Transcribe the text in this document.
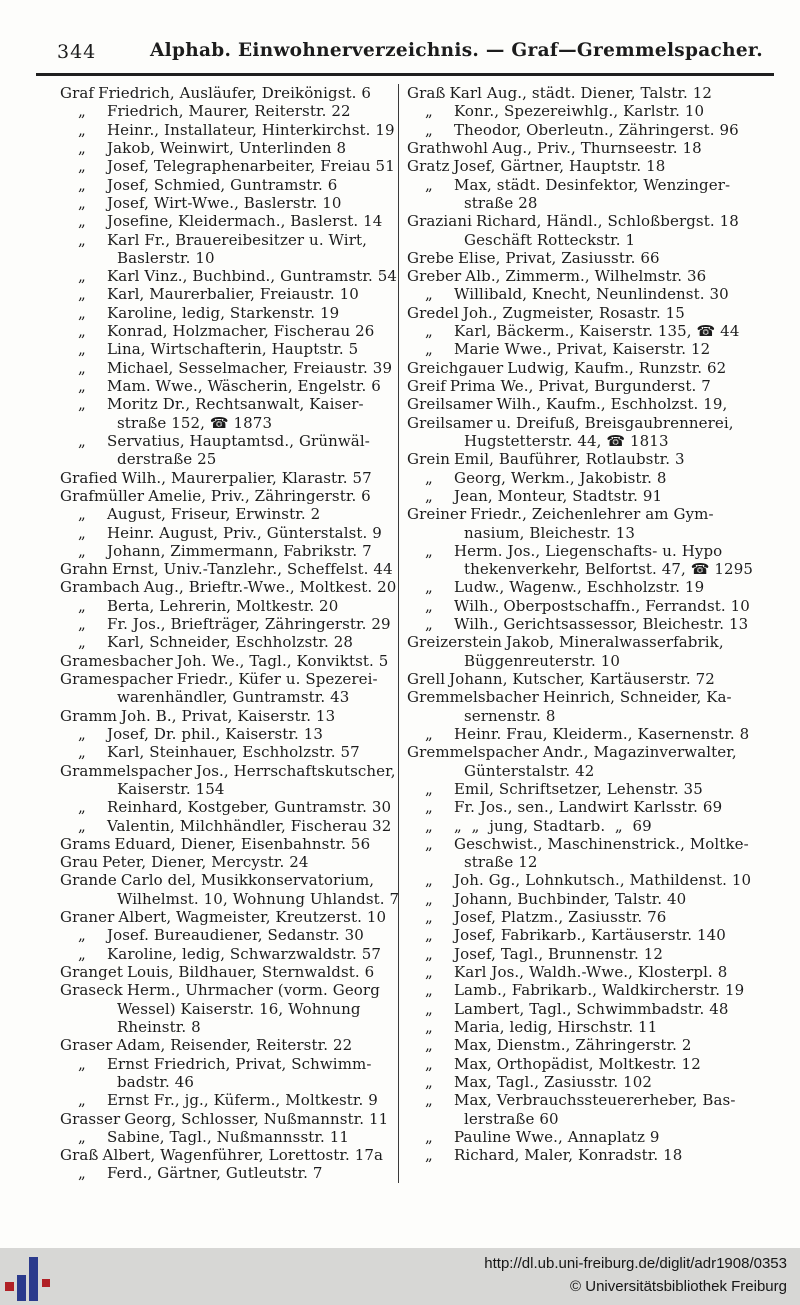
344	Alphab. Einwohnerverzeichnis. — Graf—Gremmelspacher.
Graf Friedrich, Ausläufer, Dreikönigst. 6
„ Friedrich, Maurer, Reiterstr. 22
„ Heinr., Installateur, Hinterkirchst. 19
„ Jakob, Weinwirt, Unterlinden 8
„ Josef, Telegraphenarbeiter, Freiau 51
„ Josef, Schmied, Guntramstr. 6
„ Josef, Wirt-Wwe., Baslerstr. 10
„ Josefine, Kleidermach., Baslerst. 14
„ Karl Fr., Brauereibesitzer u. Wirt,
Baslerstr. 10
„ Karl Vinz., Buchbind., Guntramstr. 54
„ Karl, Maurerbalier, Freiaustr. 10
„ Karoline, ledig, Starkenstr. 19
„ Konrad, Holzmacher, Fischerau 26
„ Lina, Wirtschafterin, Hauptstr. 5
„ Michael, Sesselmacher, Freiaustr. 39
„ Mam. Wwe., Wäscherin, Engelstr. 6
„ Moritz Dr., Rechtsanwalt, Kaiser-
straße 152, ☎ 1873
„ Servatius, Hauptamtsd., Grünwäl-
derstraße 25
Grafied Wilh., Maurerpalier, Klarastr. 57
Grafmüller Amelie, Priv., Zähringerstr. 6
„ August, Friseur, Erwinstr. 2
„ Heinr. August, Priv., Günterstalst. 9
„ Johann, Zimmermann, Fabrikstr. 7
Grahn Ernst, Univ.-Tanzlehr., Scheffelst. 44
Grambach Aug., Brieftr.-Wwe., Moltkest. 20
„ Berta, Lehrerin, Moltkestr. 20
„ Fr. Jos., Briefträger, Zähringerstr. 29
„ Karl, Schneider, Eschholzstr. 28
Gramesbacher Joh. We., Tagl., Konviktst. 5
Gramespacher Friedr., Küfer u. Spezerei-
warenhändler, Guntramstr. 43
Gramm Joh. B., Privat, Kaiserstr. 13
„ Josef, Dr. phil., Kaiserstr. 13
„ Karl, Steinhauer, Eschholzstr. 57
Grammelspacher Jos., Herrschaftskutscher,
Kaiserstr. 154
„ Reinhard, Kostgeber, Guntramstr. 30
„ Valentin, Milchhändler, Fischerau 32
Grams Eduard, Diener, Eisenbahnstr. 56
Grau Peter, Diener, Mercystr. 24
Grande Carlo del, Musikkonservatorium,
Wilhelmst. 10, Wohnung Uhlandst. 7
Graner Albert, Wagmeister, Kreutzerst. 10
„ Josef. Bureaudiener, Sedanstr. 30
„ Karoline, ledig, Schwarzwaldstr. 57
Granget Louis, Bildhauer, Sternwaldst. 6
Graseck Herm., Uhrmacher (vorm. Georg
Wessel) Kaiserstr. 16, Wohnung
Rheinstr. 8
Graser Adam, Reisender, Reiterstr. 22
„ Ernst Friedrich, Privat, Schwimm-
badstr. 46
„ Ernst Fr., jg., Küferm., Moltkestr. 9
Grasser Georg, Schlosser, Nußmannstr. 11
„ Sabine, Tagl., Nußmannsstr. 11
Graß Albert, Wagenführer, Lorettostr. 17a
„ Ferd., Gärtner, Gutleutstr. 7
Graß Karl Aug., städt. Diener, Talstr. 12
„ Konr., Spezereiwhlg., Karlstr. 10
„ Theodor, Oberleutn., Zähringerst. 96
Grathwohl Aug., Priv., Thurnseestr. 18
Gratz Josef, Gärtner, Hauptstr. 18
„ Max, städt. Desinfektor, Wenzinger-
straße 28
Graziani Richard, Händl., Schloßbergst. 18
Geschäft Rotteckstr. 1
Grebe Elise, Privat, Zasiusstr. 66
Greber Alb., Zimmerm., Wilhelmstr. 36
„ Willibald, Knecht, Neunlindenst. 30
Gredel Joh., Zugmeister, Rosastr. 15
„ Karl, Bäckerm., Kaiserstr. 135, ☎ 44
„ Marie Wwe., Privat, Kaiserstr. 12
Greichgauer Ludwig, Kaufm., Runzstr. 62
Greif Prima We., Privat, Burgunderst. 7
Greilsamer Wilh., Kaufm., Eschholzst. 19,
Greilsamer u. Dreifuß, Breisgaubrennerei,
Hugstetterstr. 44, ☎ 1813
Grein Emil, Bauführer, Rotlaubstr. 3
„ Georg, Werkm., Jakobistr. 8
„ Jean, Monteur, Stadtstr. 91
Greiner Friedr., Zeichenlehrer am Gym-
nasium, Bleichestr. 13
„ Herm. Jos., Liegenschafts- u. Hypo
thekenverkehr, Belfortst. 47, ☎ 1295
„ Ludw., Wagenw., Eschholzstr. 19
„ Wilh., Oberpostschaffn., Ferrandst. 10
„ Wilh., Gerichtsassessor, Bleichestr. 13
Greizerstein Jakob, Mineralwasserfabrik,
Büggenreuterstr. 10
Grell Johann, Kutscher, Kartäuserstr. 72
Gremmelsbacher Heinrich, Schneider, Ka-
sernenstr. 8
„ Heinr. Frau, Kleiderm., Kasernenstr. 8
Gremmelspacher Andr., Magazinverwalter,
Günterstalstr. 42
„ Emil, Schriftsetzer, Lehenstr. 35
„ Fr. Jos., sen., Landwirt Karlsstr. 69
„ „  „  jung, Stadtarb.  „  69
„ Geschwist., Maschinenstrick., Moltke-
straße 12
„ Joh. Gg., Lohnkutsch., Mathildenst. 10
„ Johann, Buchbinder, Talstr. 40
„ Josef, Platzm., Zasiusstr. 76
„ Josef, Fabrikarb., Kartäuserstr. 140
„ Josef, Tagl., Brunnenstr. 12
„ Karl Jos., Waldh.-Wwe., Klosterpl. 8
„ Lamb., Fabrikarb., Waldkircherstr. 19
„ Lambert, Tagl., Schwimmbadstr. 48
„ Maria, ledig, Hirschstr. 11
„ Max, Dienstm., Zähringerstr. 2
„ Max, Orthopädist, Moltkestr. 12
„ Max, Tagl., Zasiusstr. 102
„ Max, Verbrauchssteuererheber, Bas-
lerstraße 60
„ Pauline Wwe., Annaplatz 9
„ Richard, Maler, Konradstr. 18
http://dl.ub.uni-freiburg.de/diglit/adr1908/0353
© Universitätsbibliothek Freiburg
